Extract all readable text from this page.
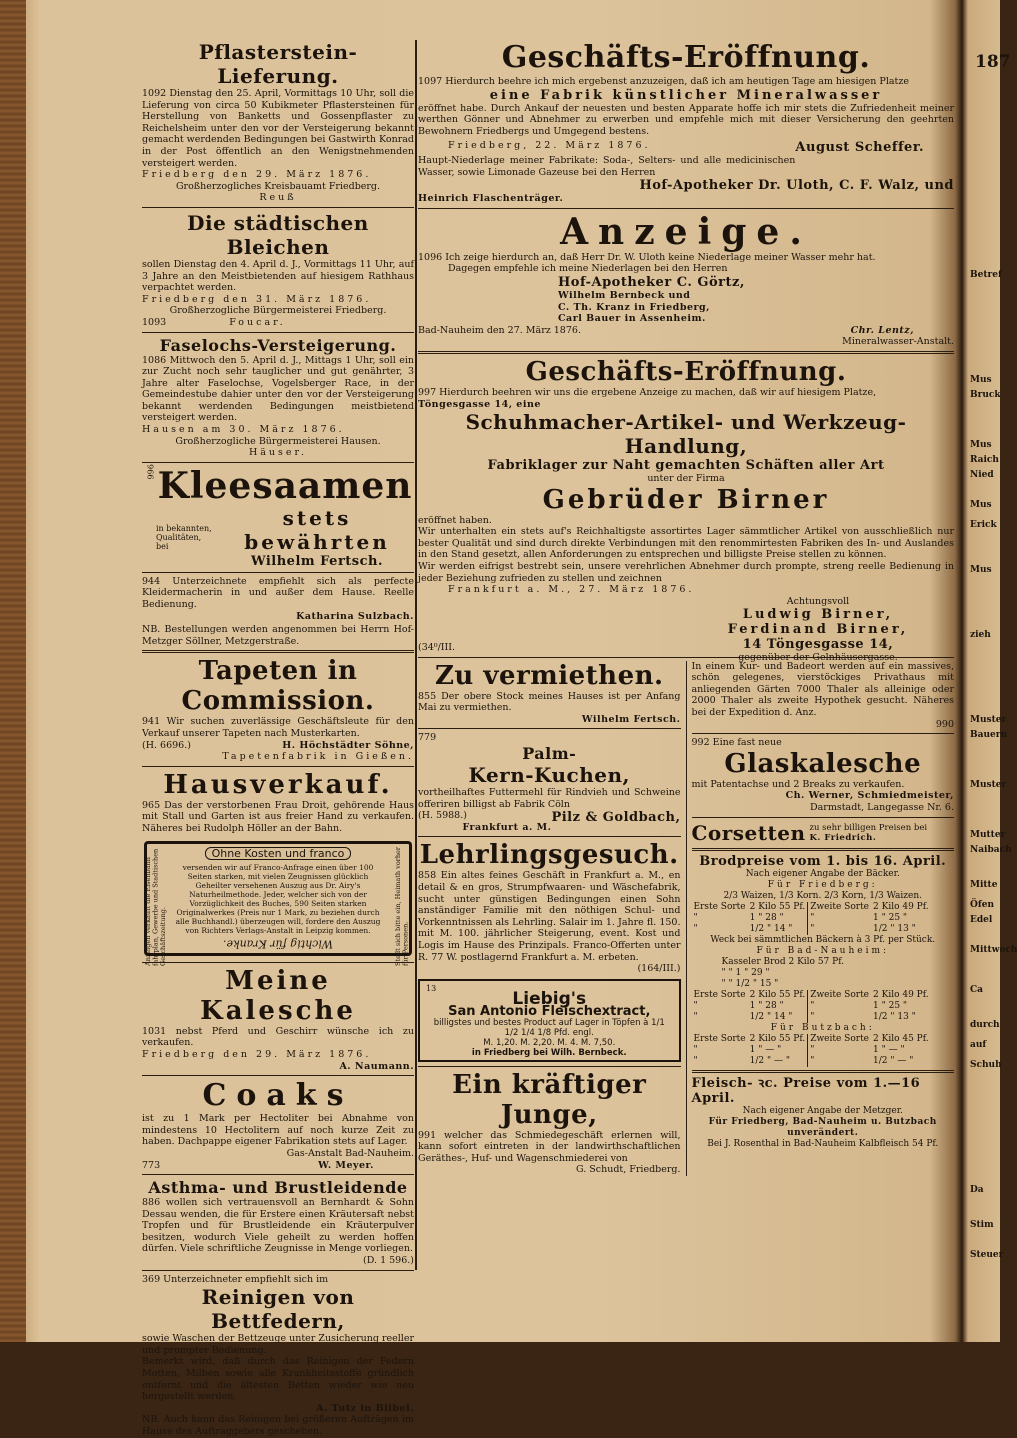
187
Pflasterstein-Lieferung.

1092 Dienstag den 25. April, Vormittags 10 Uhr, soll die Lieferung von circa 50 Kubikmeter Pflastersteinen für Herstellung von Banketts und Gossenpflaster zu Reichelsheim unter den vor der Versteigerung bekannt gemacht werdenden Bedingungen bei Gastwirth Konrad in der Post öffentlich an den Wenigstnehmenden versteigert werden.

Friedberg den 29. März 1876.

Großherzogliches Kreisbauamt Friedberg.

Reuß

Die städtischen Bleichen

sollen Dienstag den 4. April d. J., Vormittags 11 Uhr, auf 3 Jahre an den Meistbietenden auf hiesigem Rathhaus verpachtet werden.

Friedberg den 31. März 1876.

Großherzogliche Bürgermeisterei Friedberg.

1093	Foucar.

Faselochs-Versteigerung.

1086 Mittwoch den 5. April d. J., Mittags 1 Uhr, soll ein zur Zucht noch sehr tauglicher und gut genährter, 3 Jahre alter Faselochse, Vogelsberger Race, in der Gemeindestube dahier unter den vor der Versteigerung bekannt werdenden Bedingungen meistbietend versteigert werden.

Hausen am 30. März 1876.

Großherzogliche Bürgermeisterei Hausen.

Häuser.

966 Kleesaamen
in bekannten, Qualitäten, bei
stets bewährten
Wilhelm Fertsch.

944 Unterzeichnete empfiehlt sich als perfecte Kleidermacherin in und außer dem Hause. Reelle Bedienung.

Katharina Sulzbach.

NB. Bestellungen werden angenommen bei Herrn Hof-Metzger Söllner, Metzgerstraße.

Tapeten in Commission.

941 Wir suchen zuverlässige Geschäftsleute für den Verkauf unserer Tapeten nach Musterkarten.

(H. 6696.)	H. Höchstädter Söhne,

Tapetenfabrik in Gießen.

Hausverkauf.

965 Das der verstorbenen Frau Droit, gehörende Haus mit Stall und Garten ist aus freier Hand zu verkaufen. Näheres bei Rudolph Höller an der Bahn.

Anzeigen verkauft die Eisenbahn fahrplan, Gewerbe und Stadtischen Geschäftszeitung.	Stellt sich bitte ein, Heimath vorher für Personen.
Ohne Kosten und franco
versenden wir auf Franco-Anfrage einen über 100 Seiten starken, mit vielen Zeugnissen glücklich Geheilter versehenen Auszug aus Dr. Airy's Naturheilmethode. Jeder, welcher sich von der Vorzüglichkeit des Buches, 590 Seiten starken Originalwerkes (Preis nur 1 Mark, zu beziehen durch alle Buchhandl.) überzeugen will, fordere den Auszug von Richters Verlags-Anstalt in Leipzig kommen.
Wichtig für Kranke.
Meine Kalesche

1031 nebst Pferd und Geschirr wünsche ich zu verkaufen.

Friedberg den 29. März 1876.

A. Naumann.

Coaks

ist zu 1 Mark per Hectoliter bei Abnahme von mindestens 10 Hectolitern auf noch kurze Zeit zu haben. Dachpappe eigener Fabrikation stets auf Lager.

Gas-Anstalt Bad-Nauheim.

773	W. Meyer.

Asthma- und Brustleidende

886 wollen sich vertrauensvoll an Bernhardt & Sohn Dessau wenden, die für Erstere einen Kräutersaft nebst Tropfen und für Brustleidende ein Kräuterpulver besitzen, wodurch Viele geheilt zu werden hoffen dürfen. Viele schriftliche Zeugnisse in Menge vorliegen.

(D. 1 596.)

369 Unterzeichneter empfiehlt sich im

Reinigen von Bettfedern,

sowie Waschen der Bettzeuge unter Zusicherung reeller und prompter Bedienung.

Bemerkt wird, daß durch das Reinigen der Federn Motten, Milben sowie alle Krankheitsstoffe gründlich entfernt und die ältesten Betten wieder wie neu hergestellt werden.

A. Tutz in Bilbel.

NB. Auch kann das Reinigen bei größeren Aufträgen im Hause des Auftraggebers geschehen.

Geschäfts-Eröffnung.

1097 Hierdurch beehre ich mich ergebenst anzuzeigen, daß ich am heutigen Tage am hiesigen Platze

eine Fabrik künstlicher Mineralwasser

eröffnet habe. Durch Ankauf der neuesten und besten Apparate hoffe ich mir stets die Zufriedenheit meiner werthen Gönner und Abnehmer zu erwerben und empfehle mich mit dieser Versicherung den geehrten Bewohnern Friedbergs und Umgegend bestens.

Friedberg, 22. März 1876.	August Scheffer.

Haupt-Niederlage meiner Fabrikate: Soda-, Selters- und alle medicinischen Wasser, sowie Limonade Gazeuse bei den Herren

Hof-Apotheker Dr. Uloth, C. F. Walz, und
Heinrich Flaschenträger.
Anzeige.

1096 Ich zeige hierdurch an, daß Herr Dr. W. Uloth keine Niederlage meiner Wasser mehr hat.

Dagegen empfehle ich meine Niederlagen bei den Herren

Hof-Apotheker C. Görtz,
Wilhelm Bernbeck und
C. Th. Kranz in Friedberg,
Carl Bauer in Assenheim.

Bad-Nauheim den 27. März 1876.	Chr. Lentz,

Mineralwasser-Anstalt.

Geschäfts-Eröffnung.

997 Hierdurch beehren wir uns die ergebene Anzeige zu machen, daß wir auf hiesigem Platze,

Töngesgasse 14, eine

Schuhmacher-Artikel- und Werkzeug-Handlung,
Fabriklager zur Naht gemachten Schäften aller Art

unter der Firma

Gebrüder Birner

eröffnet haben.

Wir unterhalten ein stets auf's Reichhaltigste assortirtes Lager sämmtlicher Artikel von ausschließlich nur bester Qualität und sind durch direkte Verbindungen mit den renommirtesten Fabriken des In- und Auslandes in den Stand gesetzt, allen Anforderungen zu entsprechen und billigste Preise stellen zu können.

Wir werden eifrigst bestrebt sein, unsere verehrlichen Abnehmer durch prompte, streng reelle Bedienung in jeder Beziehung zufrieden zu stellen und zeichnen

Frankfurt a. M., 27. März 1876.

Achtungsvoll
Ludwig Birner,
Ferdinand Birner,
14 Töngesgasse 14,
gegenüber der Gelnhäusergasse.

(34⁰/III.

Zu vermiethen.

855 Der obere Stock meines Hauses ist per Anfang Mai zu vermiethen.

Wilhelm Fertsch.

779

Palm-
Kern-Kuchen,

vortheilhaftes Futtermehl für Rindvieh und Schweine offeriren billigst ab Fabrik Cöln

(H. 5988.)	Pilz & Goldbach,

Frankfurt a. M.

Lehrlingsgesuch.

858 Ein altes feines Geschäft in Frankfurt a. M., en detail & en gros, Strumpfwaaren- und Wäschefabrik, sucht unter günstigen Bedingungen einen Sohn anständiger Familie mit den nöthigen Schul- und Vorkenntnissen als Lehrling. Salair im 1. Jahre fl. 150. mit M. 100. jährlicher Steigerung, event. Kost und Logis im Hause des Prinzipals. Franco-Offerten unter R. 77 W. postlagernd Frankfurt a. M. erbeten.

(164/III.)

13
Liebig's
San Antonio Fleischextract,
billigstes und bestes Product auf Lager in Töpfen à 1/1 1/2 1/4 1/8 Pfd. engl.
M. 1,20. M. 2,20. M. 4. M. 7,50.
in Friedberg bei Wilh. Bernbeck.
Ein kräftiger Junge,

991 welcher das Schmiedegeschäft erlernen will, kann sofort eintreten in der landwirthschaftlichen Geräthes-, Huf- und Wagenschmiederei von

G. Schudt, Friedberg.

In einem Kur- und Badeort werden auf ein massives, schön gelegenes, vierstöckiges Privathaus mit anliegenden Gärten 7000 Thaler als alleinige oder 2000 Thaler als zweite Hypothek gesucht. Näheres bei der Expedition d. Anz.

990

992 Eine fast neue

Glaskalesche

mit Patentachse und 2 Breaks zu verkaufen.

Ch. Werner, Schmiedmeister,

Darmstadt, Langegasse Nr. 6.

Corsetten zu sehr billigen Preisen bei
K. Friedrich.
Brodpreise vom 1. bis 16. April.

Nach eigener Angabe der Bäcker.

Für Friedberg:

2/3 Waizen, 1/3 Korn. 2/3 Korn, 1/3 Waizen.

Erste Sorte	2 Kilo 55 Pf.	Zweite Sorte	2 Kilo 49 Pf.
"	1 " 28 "	"	1 " 25 "
"	1/2 " 14 "	"	1/2 " 13 "

Weck bei sämmtlichen Bäckern à 3 Pf. per Stück.

Für Bad-Nauheim:

Kasseler Brod 2 Kilo 57 Pf.

" " 1 " 29 "

" " 1/2 " 15 "

Erste Sorte	2 Kilo 55 Pf.	Zweite Sorte	2 Kilo 49 Pf.
"	1 " 28 "	"	1 " 25 "
"	1/2 " 14 "	"	1/2 " 13 "

Für Butzbach:

Erste Sorte	2 Kilo 55 Pf.	Zweite Sorte	2 Kilo 45 Pf.
"	1 " — "	"	1 " — "
"	1/2 " — "	"	1/2 " — "
Fleisch- ꝛc. Preise vom 1.—16 April.

Nach eigener Angabe der Metzger.

Für Friedberg, Bad-Nauheim u. Butzbach

unverändert.

Bei J. Rosenthal in Bad-Nauheim Kalbfleisch 54 Pf.

Betref
Mus
Bruck
Mus
Raich
Nied
Mus
Erick
Mus
zieh
Muster
Bauern
Muster
Mutter
Naibach
Mitte
Öfen
Edel
Mittwoch
Ca
durch
auf
Schuh
Da
Stim
Steuer
